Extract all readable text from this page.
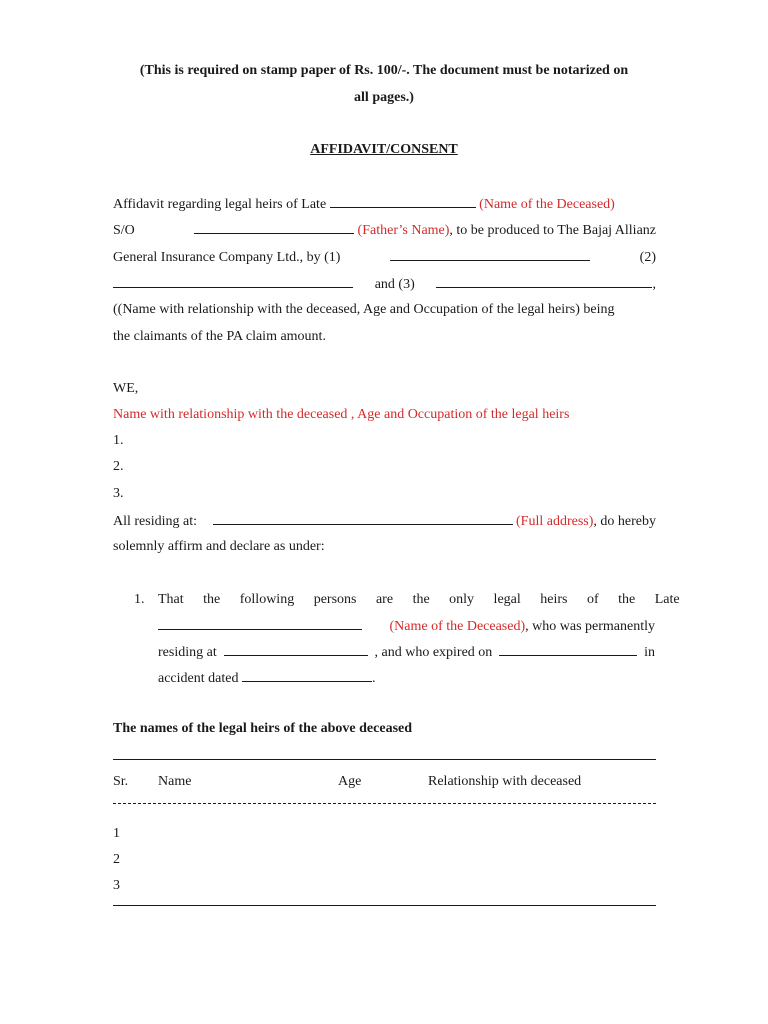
(This is required on stamp paper of Rs. 100/-. The document must be notarized on
all pages.)
AFFIDAVIT/CONSENT
Affidavit regarding legal heirs of Late	(Name of the Deceased)
S/O	(Father’s Name), to be produced to The Bajaj Allianz
General Insurance Company Ltd., by (1)	(2)
and (3)	,
((Name with relationship with the deceased, Age and Occupation of the legal heirs) being
the claimants of the PA claim amount.
WE,
Name with relationship with the deceased , Age and Occupation of the legal heirs
1.
2.
3.
All residing at:	(Full address), do hereby
solemnly affirm and declare as under:
1. That the following persons are the only legal heirs of the Late
(Name of the Deceased), who was permanently
residing at	, and who expired on	in
accident dated	.
The names of the legal heirs of the above deceased
Sr. Name	Age	Relationship with deceased
1
2
3
